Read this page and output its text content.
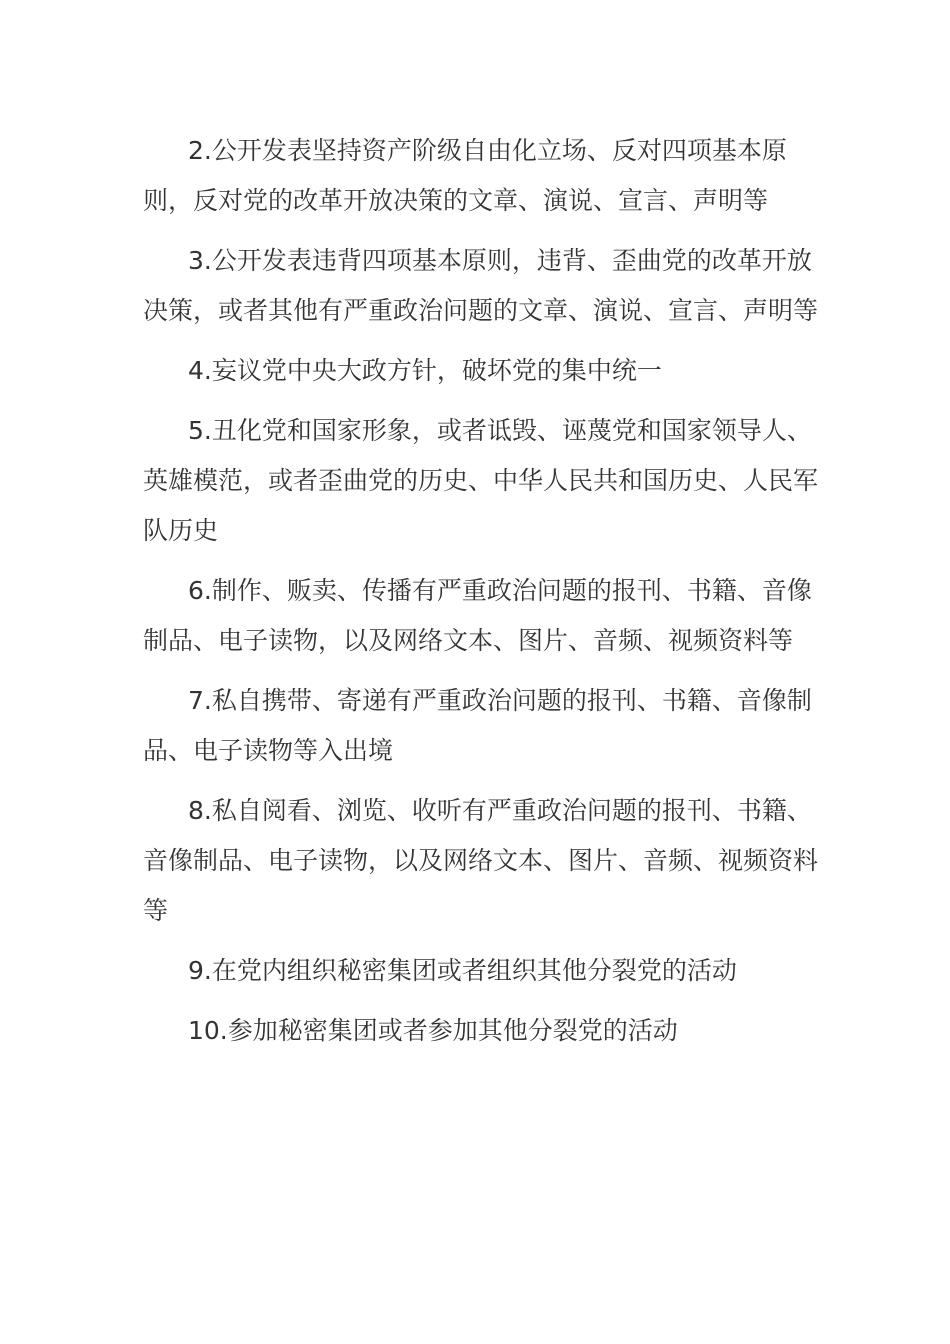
2.公开发表坚持资产阶级自由化立场、反对四项基本原则，反对党的改革开放决策的文章、演说、宣言、声明等

3.公开发表违背四项基本原则，违背、歪曲党的改革开放决策，或者其他有严重政治问题的文章、演说、宣言、声明等

4.妄议党中央大政方针，破坏党的集中统一

5.丑化党和国家形象，或者诋毁、诬蔑党和国家领导人、英雄模范，或者歪曲党的历史、中华人民共和国历史、人民军队历史

6.制作、贩卖、传播有严重政治问题的报刊、书籍、音像制品、电子读物，以及网络文本、图片、音频、视频资料等

7.私自携带、寄递有严重政治问题的报刊、书籍、音像制品、电子读物等入出境

8.私自阅看、浏览、收听有严重政治问题的报刊、书籍、音像制品、电子读物，以及网络文本、图片、音频、视频资料等

9.在党内组织秘密集团或者组织其他分裂党的活动

10.参加秘密集团或者参加其他分裂党的活动
